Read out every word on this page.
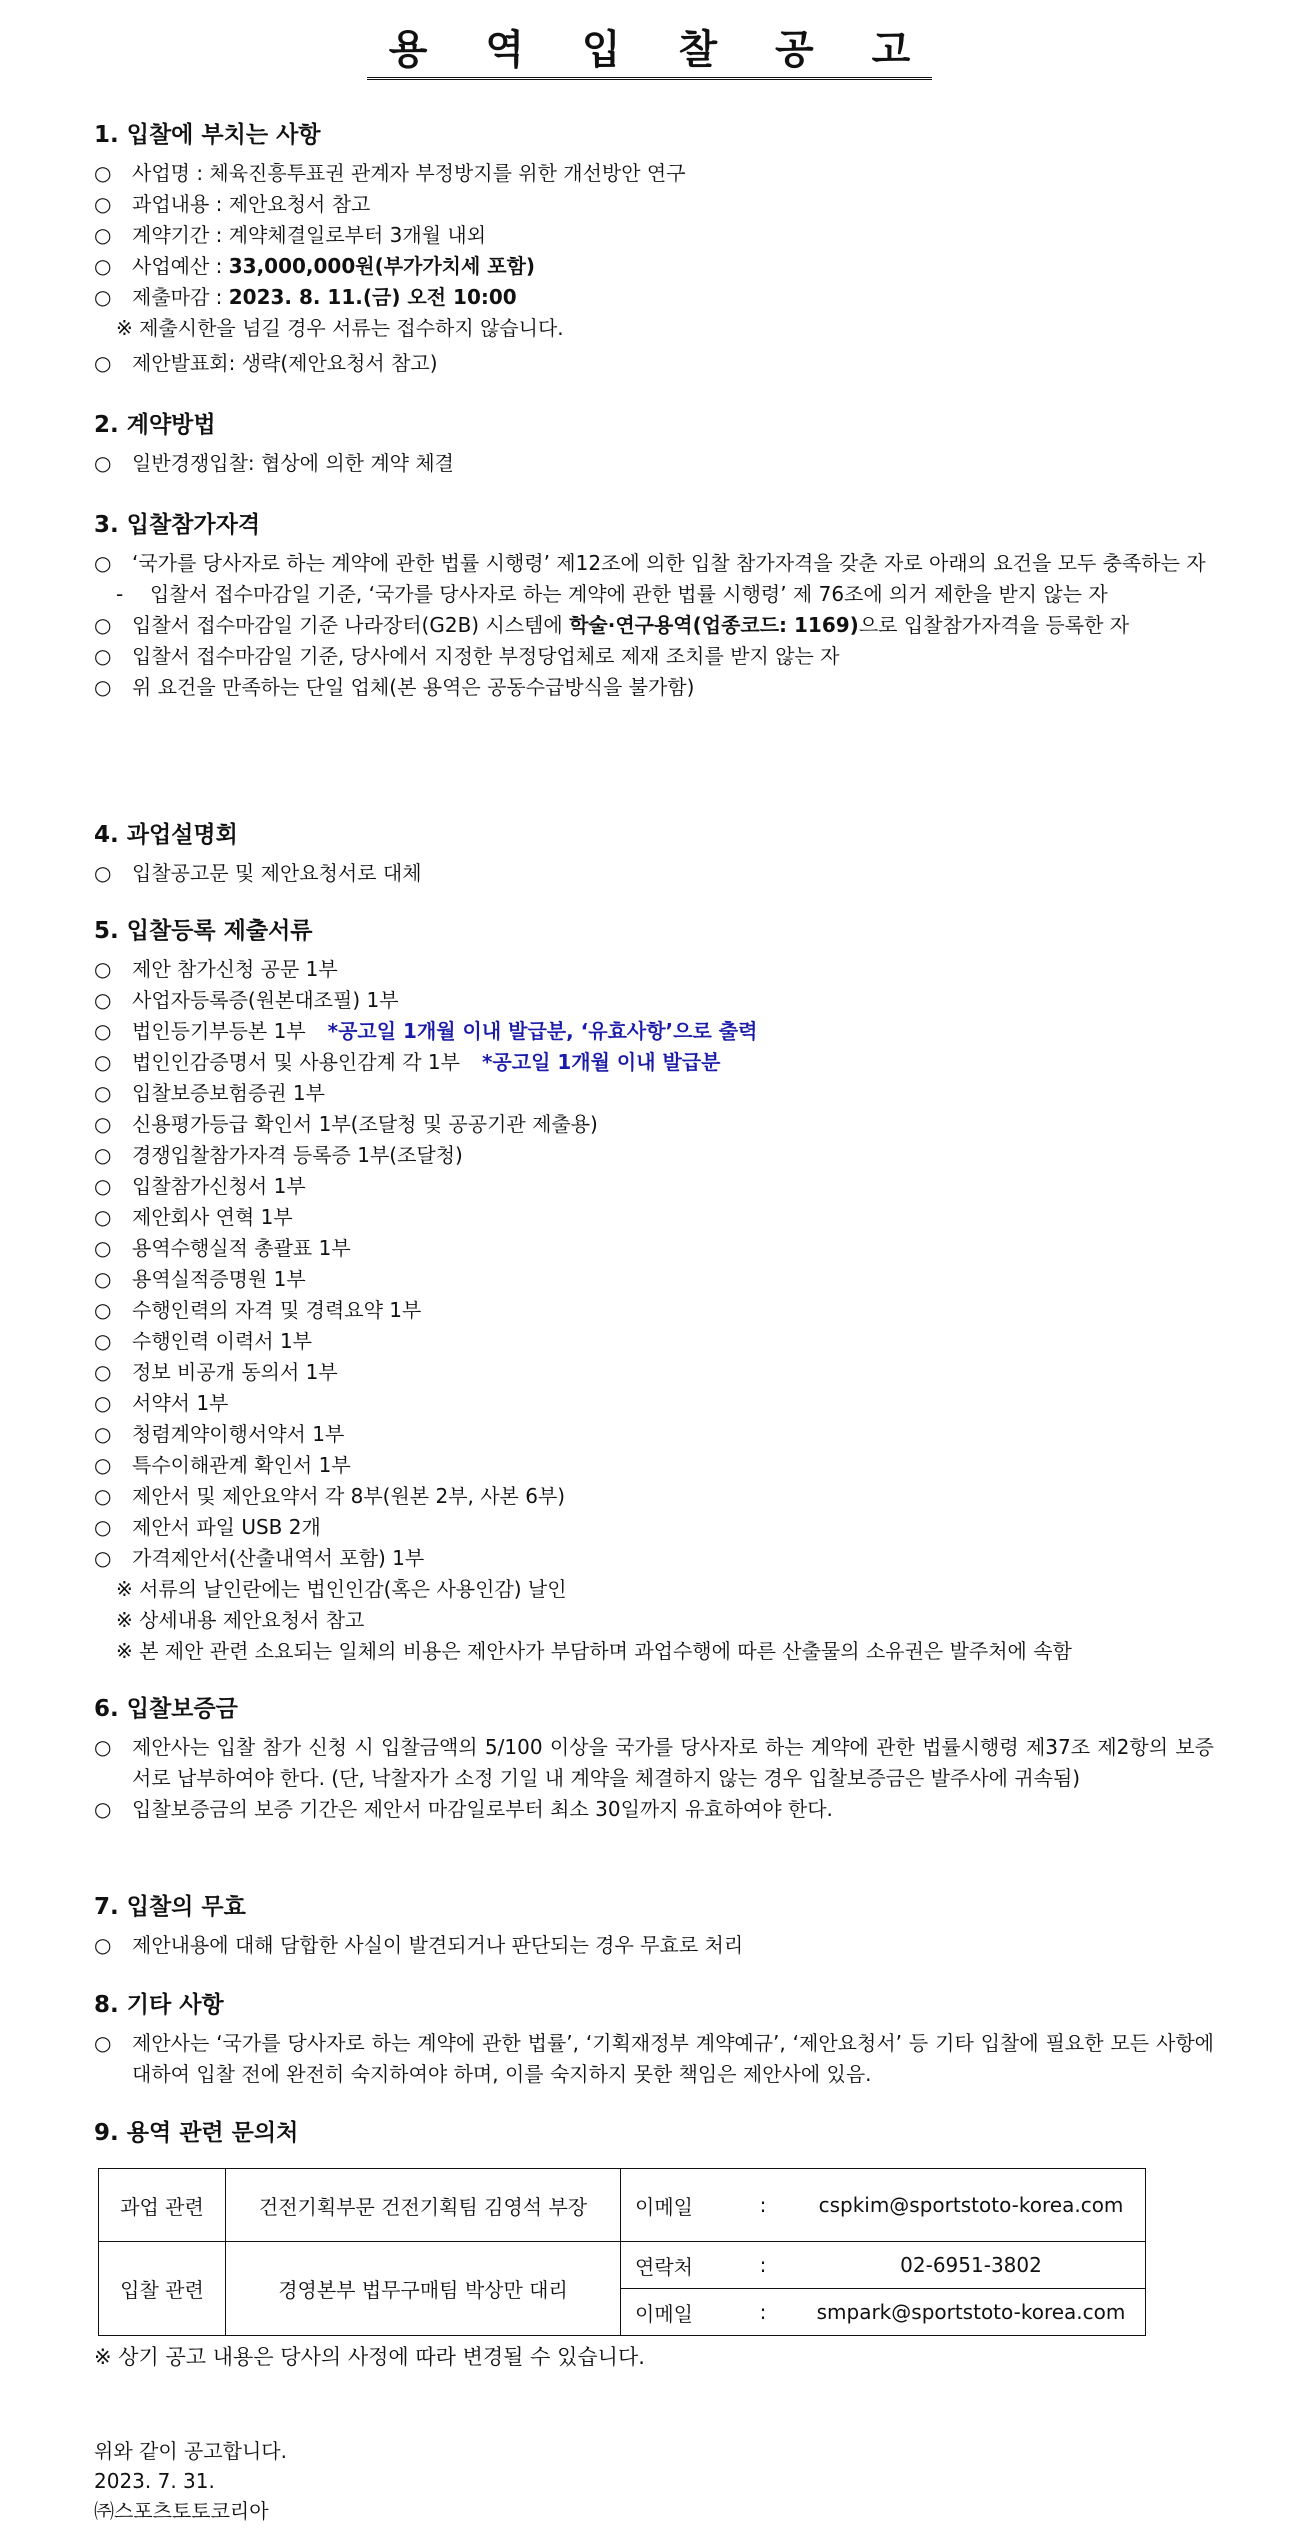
용 역 입 찰 공 고
1. 입찰에 부치는 사항
○ 사업명 : 체육진흥투표권 관계자 부정방지를 위한 개선방안 연구
○ 과업내용 : 제안요청서 참고
○ 계약기간 : 계약체결일로부터 3개월 내외
○ 사업예산 : 33,000,000원(부가가치세 포함)
○ 제출마감 : 2023. 8. 11.(금) 오전 10:00
※ 제출시한을 넘길 경우 서류는 접수하지 않습니다.
○ 제안발표회: 생략(제안요청서 참고)
2. 계약방법
○ 일반경쟁입찰: 협상에 의한 계약 체결
3. 입찰참가자격
○ ‘국가를 당사자로 하는 계약에 관한 법률 시행령’ 제12조에 의한 입찰 참가자격을 갖춘 자로 아래의 요건을 모두 충족하는 자
- 입찰서 접수마감일 기준, ‘국가를 당사자로 하는 계약에 관한 법률 시행령’ 제 76조에 의거 제한을 받지 않는 자
○ 입찰서 접수마감일 기준 나라장터(G2B) 시스템에 학술·연구용역(업종코드: 1169)으로 입찰참가자격을 등록한 자
○ 입찰서 접수마감일 기준, 당사에서 지정한 부정당업체로 제재 조치를 받지 않는 자
○ 위 요건을 만족하는 단일 업체(본 용역은 공동수급방식을 불가함)
4. 과업설명회
○ 입찰공고문 및 제안요청서로 대체
5. 입찰등록 제출서류
○ 제안 참가신청 공문 1부
○ 사업자등록증(원본대조필) 1부
○ 법인등기부등본 1부 *공고일 1개월 이내 발급분, ‘유효사항’으로 출력
○ 법인인감증명서 및 사용인감계 각 1부 *공고일 1개월 이내 발급분
○ 입찰보증보험증권 1부
○ 신용평가등급 확인서 1부(조달청 및 공공기관 제출용)
○ 경쟁입찰참가자격 등록증 1부(조달청)
○ 입찰참가신청서 1부
○ 제안회사 연혁 1부
○ 용역수행실적 총괄표 1부
○ 용역실적증명원 1부
○ 수행인력의 자격 및 경력요약 1부
○ 수행인력 이력서 1부
○ 정보 비공개 동의서 1부
○ 서약서 1부
○ 청렴계약이행서약서 1부
○ 특수이해관계 확인서 1부
○ 제안서 및 제안요약서 각 8부(원본 2부, 사본 6부)
○ 제안서 파일 USB 2개
○ 가격제안서(산출내역서 포함) 1부
※ 서류의 날인란에는 법인인감(혹은 사용인감) 날인
※ 상세내용 제안요청서 참고
※ 본 제안 관련 소요되는 일체의 비용은 제안사가 부담하며 과업수행에 따른 산출물의 소유권은 발주처에 속함
6. 입찰보증금
○ 제안사는 입찰 참가 신청 시 입찰금액의 5/100 이상을 국가를 당사자로 하는 계약에 관한 법률시행령 제37조 제2항의 보증서로 납부하여야 한다. (단, 낙찰자가 소정 기일 내 계약을 체결하지 않는 경우 입찰보증금은 발주사에 귀속됨)
○ 입찰보증금의 보증 기간은 제안서 마감일로부터 최소 30일까지 유효하여야 한다.
7. 입찰의 무효
○ 제안내용에 대해 담합한 사실이 발견되거나 판단되는 경우 무효로 처리
8. 기타 사항
○ 제안사는 ‘국가를 당사자로 하는 계약에 관한 법률’, ‘기획재정부 계약예규’, ‘제안요청서’ 등 기타 입찰에 필요한 모든 사항에 대하여 입찰 전에 완전히 숙지하여야 하며, 이를 숙지하지 못한 책임은 제안사에 있음.
9. 용역 관련 문의처
과업 관련	건전기획부문 건전기획팀 김영석 부장	이메일	:	cspkim@sportstoto-korea.com
입찰 관련	경영본부 법무구매팀 박상만 대리	연락처	:	02-6951-3802
		이메일	:	smpark@sportstoto-korea.com
※ 상기 공고 내용은 당사의 사정에 따라 변경될 수 있습니다.
위와 같이 공고합니다.
2023. 7. 31.
㈜스포츠토토코리아
